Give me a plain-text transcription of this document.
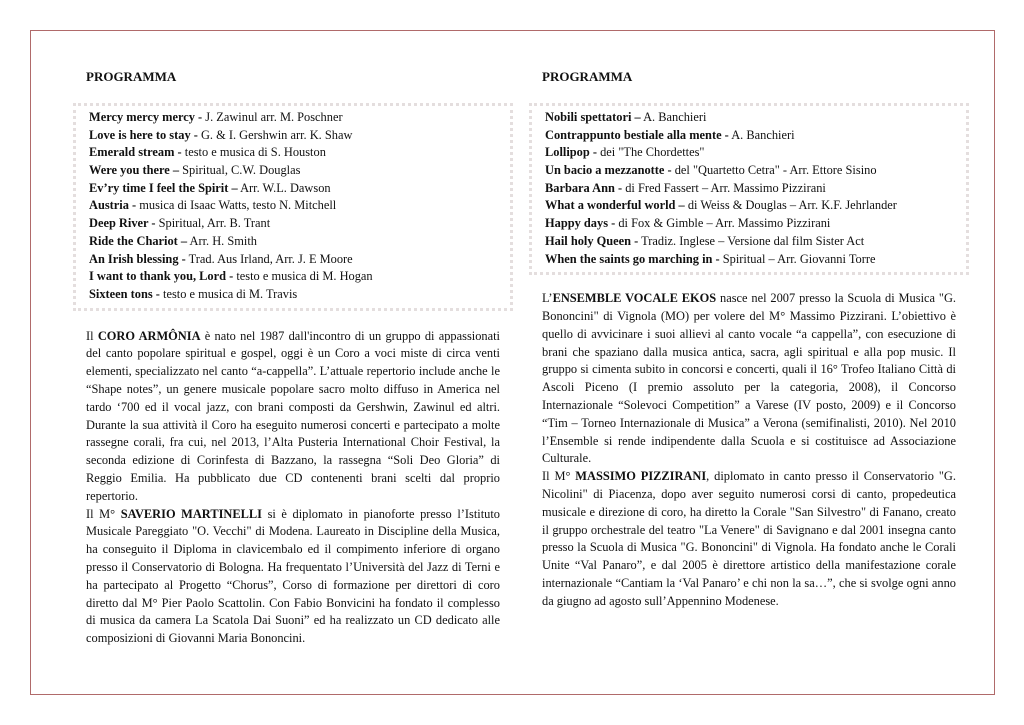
PROGRAMMA

Mercy mercy mercy - J. Zawinul arr. M. Poschner
Love is here to stay - G. & I. Gershwin arr. K. Shaw
Emerald stream - testo e musica di S. Houston
Were you there – Spiritual, C.W. Douglas
Ev’ry time I feel the Spirit – Arr. W.L. Dawson
Austria - musica di Isaac Watts, testo N. Mitchell
Deep River - Spiritual, Arr. B. Trant
Ride the Chariot – Arr. H. Smith
An Irish blessing - Trad. Aus Irland, Arr. J. E Moore
I want to thank you, Lord - testo e musica di M. Hogan
Sixteen tons - testo e musica di M. Travis

Il CORO ARMÔNIA è nato nel 1987 dall'incontro di un gruppo di appassionati del canto popolare spiritual e gospel, oggi è un Coro a voci miste di circa venti elementi, specializzato nel canto “a-cappella”. L’attuale repertorio include anche le “Shape notes”, un genere musicale popolare sacro molto diffuso in America nel tardo ‘700 ed il vocal jazz, con brani composti da Gershwin, Zawinul ed altri. Durante la sua attività il Coro ha eseguito numerosi concerti e partecipato a molte rassegne corali, fra cui, nel 2013, l’Alta Pusteria International Choir Festival, la seconda edizione di Corinfesta di Bazzano, la rassegna “Soli Deo Gloria” di Reggio Emilia. Ha pubblicato due CD contenenti brani scelti dal proprio repertorio.

Il M° SAVERIO MARTINELLI si è diplomato in pianoforte presso l’Istituto Musicale Pareggiato "O. Vecchi" di Modena. Laureato in Discipline della Musica, ha conseguito il Diploma in clavicembalo ed il compimento inferiore di organo presso il Conservatorio di Bologna. Ha frequentato l’Università del Jazz di Terni e ha partecipato al Progetto “Chorus”, Corso di formazione per direttori di coro diretto dal M° Pier Paolo Scattolin. Con Fabio Bonvicini ha fondato il complesso di musica da camera La Scatola Dai Suoni” ed ha realizzato un CD dedicato alle composizioni di Giovanni Maria Bononcini.

PROGRAMMA

Nobili spettatori – A. Banchieri
Contrappunto bestiale alla mente - A. Banchieri
Lollipop - dei "The Chordettes"
Un bacio a mezzanotte - del "Quartetto Cetra" - Arr. Ettore Sisino
Barbara Ann - di Fred Fassert – Arr. Massimo Pizzirani
What a wonderful world – di Weiss & Douglas – Arr. K.F. Jehrlander
Happy days - di Fox & Gimble – Arr. Massimo Pizzirani
Hail holy Queen - Tradiz. Inglese – Versione dal film Sister Act
When the saints go marching in - Spiritual – Arr. Giovanni Torre

L’ENSEMBLE VOCALE EKOS nasce nel 2007 presso la Scuola di Musica "G. Bononcini" di Vignola (MO) per volere del M° Massimo Pizzirani. L’obiettivo è quello di avvicinare i suoi allievi al canto vocale “a cappella”, con esecuzione di brani che spaziano dalla musica antica, sacra, agli spiritual e alla pop music. Il gruppo si cimenta subito in concorsi e concerti, quali il 16° Trofeo Italiano Città di Ascoli Piceno (I premio assoluto per la categoria, 2008), il Concorso Internazionale “Solevoci Competition” a Varese (IV posto, 2009) e il Concorso “Tim – Torneo Internazionale di Musica” a Verona (semifinalisti, 2010). Nel 2010 l’Ensemble si rende indipendente dalla Scuola e si costituisce ad Associazione Culturale.

Il M° MASSIMO PIZZIRANI, diplomato in canto presso il Conservatorio "G. Nicolini" di Piacenza, dopo aver seguito numerosi corsi di canto, propedeutica musicale e direzione di coro, ha diretto la Corale "San Silvestro" di Fanano, creato il gruppo orchestrale del teatro "La Venere" di Savignano e dal 2001 insegna canto presso la Scuola di Musica "G. Bononcini" di Vignola. Ha fondato anche le Corali Unite “Val Panaro”, e dal 2005 è direttore artistico della manifestazione corale internazionale “Cantiam la ‘Val Panaro’ e chi non la sa…”, che si svolge ogni anno da giugno ad agosto sull’Appennino Modenese.
